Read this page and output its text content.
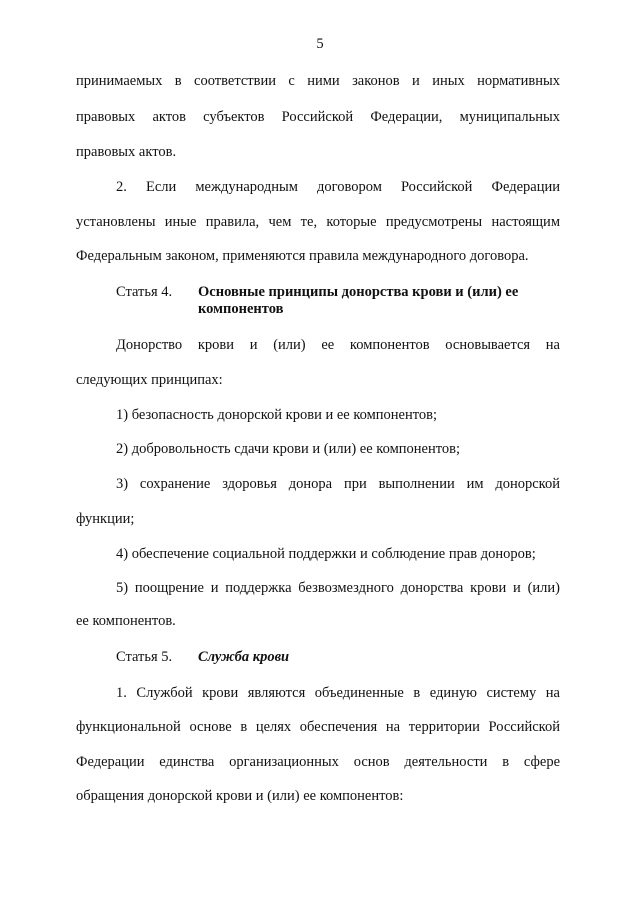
5
принимаемых в соответствии с ними законов и иных нормативных
правовых актов субъектов Российской Федерации, муниципальных
правовых актов.
2. Если международным договором Российской Федерации
установлены иные правила, чем те, которые предусмотрены настоящим
Федеральным законом, применяются правила международного договора.
Статья 4. Основные принципы донорства крови и (или) ее
компонентов
Донорство крови и (или) ее компонентов основывается на
следующих принципах:
1) безопасность донорской крови и ее компонентов;
2) добровольность сдачи крови и (или) ее компонентов;
3) сохранение здоровья донора при выполнении им донорской
функции;
4) обеспечение социальной поддержки и соблюдение прав доноров;
5) поощрение и поддержка безвозмездного донорства крови и (или)
ее компонентов.
Статья 5. Служба крови
1. Службой крови являются объединенные в единую систему на
функциональной основе в целях обеспечения на территории Российской
Федерации единства организационных основ деятельности в сфере
обращения донорской крови и (или) ее компонентов:
